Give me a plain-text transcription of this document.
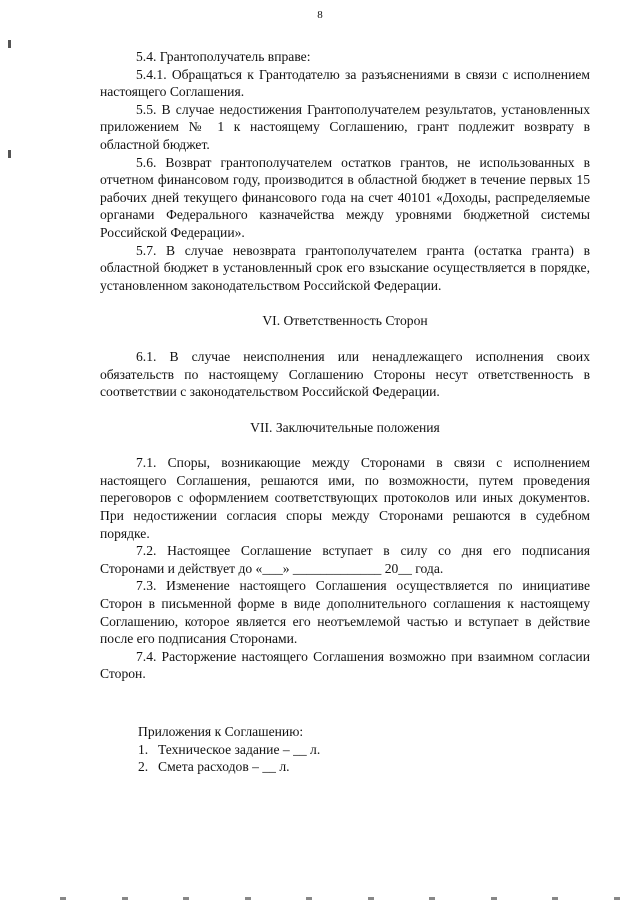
8

5.4. Грантополучатель вправе:

5.4.1. Обращаться к Грантодателю за разъяснениями в связи с исполнением настоящего Соглашения.

5.5. В случае недостижения Грантополучателем результатов, установленных приложением № 1 к настоящему Соглашению, грант подлежит возврату в областной бюджет.

5.6. Возврат грантополучателем остатков грантов, не использованных в отчетном финансовом году, производится в областной бюджет в течение первых 15 рабочих дней текущего финансового года на счет 40101 «Доходы, распределяемые органами Федерального казначейства между уровнями бюджетной системы Российской Федерации».

5.7. В случае невозврата грантополучателем гранта (остатка гранта) в областной бюджет в установленный срок его взыскание осуществляется в порядке, установленном законодательством Российской Федерации.

VI. Ответственность Сторон

6.1. В случае неисполнения или ненадлежащего исполнения своих обязательств по настоящему Соглашению Стороны несут ответственность в соответствии с законодательством Российской Федерации.

VII. Заключительные положения

7.1. Споры, возникающие между Сторонами в связи с исполнением настоящего Соглашения, решаются ими, по возможности, путем проведения переговоров с оформлением соответствующих протоколов или иных документов. При недостижении согласия споры между Сторонами решаются в судебном порядке.

7.2. Настоящее Соглашение вступает в силу со дня его подписания Сторонами и действует до «___» _____________ 20__ года.

7.3. Изменение настоящего Соглашения осуществляется по инициативе Сторон в письменной форме в виде дополнительного соглашения к настоящему Соглашению, которое является его неотъемлемой частью и вступает в действие после его подписания Сторонами.

7.4. Расторжение настоящего Соглашения возможно при взаимном согласии Сторон.

Приложения к Соглашению:

1. Техническое задание – __ л.
2. Смета расходов – __ л.
